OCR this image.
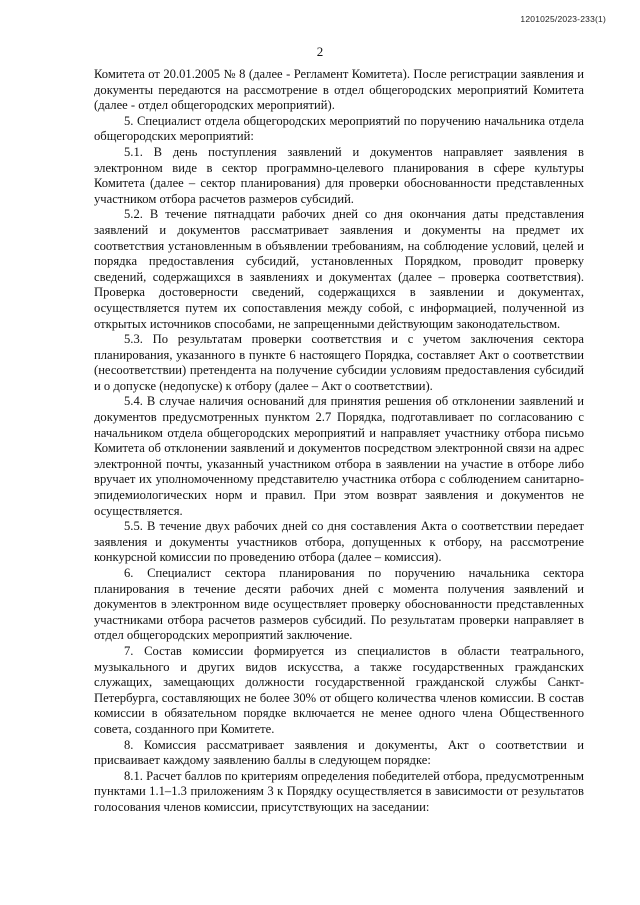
1201025/2023-233(1)
2

Комитета от 20.01.2005 № 8 (далее - Регламент Комитета). После регистрации заявления и документы передаются на рассмотрение в отдел общегородских мероприятий Комитета (далее - отдел общегородских мероприятий).

5. Специалист отдела общегородских мероприятий по поручению начальника отдела общегородских мероприятий:

5.1. В день поступления заявлений и документов направляет заявления в электронном виде в сектор программно-целевого планирования в сфере культуры Комитета (далее – сектор планирования) для проверки обоснованности представленных участником отбора расчетов размеров субсидий.

5.2. В течение пятнадцати рабочих дней со дня окончания даты представления заявлений и документов рассматривает заявления и документы на предмет их соответствия установленным в объявлении требованиям, на соблюдение условий, целей и порядка предоставления субсидий, установленных Порядком, проводит проверку сведений, содержащихся в заявлениях и документах (далее – проверка соответствия). Проверка достоверности сведений, содержащихся в заявлении и документах, осуществляется путем их сопоставления между собой, с информацией, полученной из открытых источников способами, не запрещенными действующим законодательством.

5.3. По результатам проверки соответствия и с учетом заключения сектора планирования, указанного в пункте 6 настоящего Порядка, составляет Акт о соответствии (несоответствии) претендента на получение субсидии условиям предоставления субсидий и о допуске (недопуске) к отбору (далее – Акт о соответствии).

5.4. В случае наличия оснований для принятия решения об отклонении заявлений и документов предусмотренных пунктом 2.7 Порядка, подготавливает по согласованию с начальником отдела общегородских мероприятий и направляет участнику отбора письмо Комитета об отклонении заявлений и документов посредством электронной связи на адрес электронной почты, указанный участником отбора в заявлении на участие в отборе либо вручает их уполномоченному представителю участника отбора с соблюдением санитарно-эпидемиологических норм и правил. При этом возврат заявления и документов не осуществляется.

5.5. В течение двух рабочих дней со дня составления Акта о соответствии передает заявления и документы участников отбора, допущенных к отбору, на рассмотрение конкурсной комиссии по проведению отбора (далее – комиссия).

6. Специалист сектора планирования по поручению начальника сектора планирования в течение десяти рабочих дней с момента получения заявлений и документов в электронном виде осуществляет проверку обоснованности представленных участниками отбора расчетов размеров субсидий. По результатам проверки направляет в отдел общегородских мероприятий заключение.

7. Состав комиссии формируется из специалистов в области театрального, музыкального и других видов искусства, а также государственных гражданских служащих, замещающих должности государственной гражданской службы Санкт-Петербурга, составляющих не более 30% от общего количества членов комиссии. В состав комиссии в обязательном порядке включается не менее одного члена Общественного совета, созданного при Комитете.

8. Комиссия рассматривает заявления и документы, Акт о соответствии и присваивает каждому заявлению баллы в следующем порядке:

8.1. Расчет баллов по критериям определения победителей отбора, предусмотренным пунктами 1.1–1.3 приложениям 3 к Порядку осуществляется в зависимости от результатов голосования членов комиссии, присутствующих на заседании:
